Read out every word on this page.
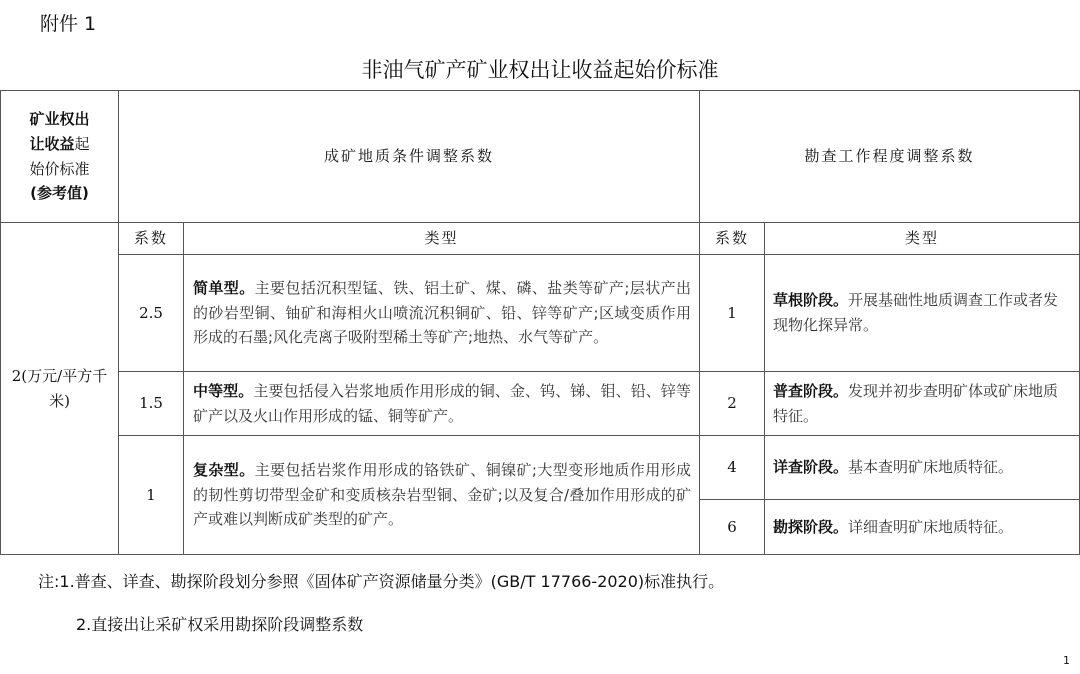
附件 1
非油气矿产矿业权出让收益起始价标准
矿业权出
让收益起
始价标准
(参考值)	成矿地质条件调整系数		勘查工作程度调整系数	

2(万元/平方千米)	系数	类型	系数	类型
	2.5	简单型。主要包括沉积型锰、铁、铝土矿、煤、磷、盐类等矿产;层状产出的砂岩型铜、铀矿和海相火山喷流沉积铜矿、铅、锌等矿产;区域变质作用形成的石墨;风化壳离子吸附型稀土等矿产;地热、水气等矿产。	1	草根阶段。开展基础性地质调查工作或者发现物化探异常。
	1.5	中等型。主要包括侵入岩浆地质作用形成的铜、金、钨、锑、钼、铅、锌等矿产以及火山作用形成的锰、铜等矿产。	2	普查阶段。发现并初步查明矿体或矿床地质特征。
	1	复杂型。主要包括岩浆作用形成的铬铁矿、铜镍矿;大型变形地质作用形成的韧性剪切带型金矿和变质核杂岩型铜、金矿;以及复合/叠加作用形成的矿产或难以判断成矿类型的矿产。	4	详查阶段。基本查明矿床地质特征。
			6	勘探阶段。详细查明矿床地质特征。
注:1.普查、详查、勘探阶段划分参照《固体矿产资源储量分类》(GB/T 17766-2020)标准执行。
2.直接出让采矿权采用勘探阶段调整系数
1
